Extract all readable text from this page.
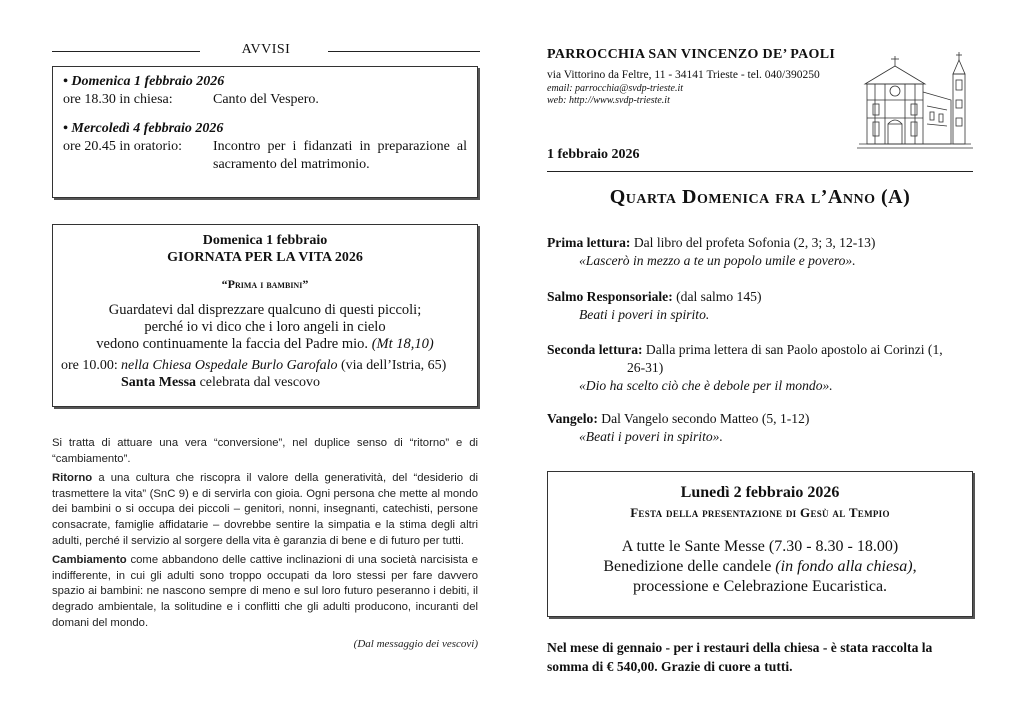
AVVISI
• Domenica 1 febbraio 2026
ore 18.30 in chiesa:	Canto del Vespero.
• Mercoledì 4 febbraio 2026
ore 20.45 in oratorio:	Incontro per i fidanzati in preparazione al sacramento del matrimonio.
Domenica 1 febbraio
GIORNATA PER LA VITA 2026
“Prima i bambini”
Guardatevi dal disprezzare qualcuno di questi piccoli;
perché io vi dico che i loro angeli in cielo
vedono continuamente la faccia del Padre mio. (Mt 18,10)
ore 10.00: nella Chiesa Ospedale Burlo Garofalo (via dell’Istria, 65)
Santa Messa celebrata dal vescovo

Si tratta di attuare una vera “conversione”, nel duplice senso di “ritorno” e di “cambiamento”.

Ritorno a una cultura che riscopra il valore della generatività, del “desiderio di trasmettere la vita” (SnC 9) e di servirla con gioia. Ogni persona che mette al mondo dei bambini o si occupa dei piccoli – genitori, nonni, insegnanti, catechisti, persone consacrate, famiglie affidatarie – dovrebbe sentire la simpatia e la stima degli altri adulti, perché il servizio al sorgere della vita è garanzia di bene e di futuro per tutti.

Cambiamento come abbandono delle cattive inclinazioni di una società narcisista e indifferente, in cui gli adulti sono troppo occupati da loro stessi per fare davvero spazio ai bambini: ne nascono sempre di meno e sul loro futuro peseranno i debiti, il degrado ambientale, la solitudine e i conflitti che gli adulti producono, incuranti del domani del mondo.

(Dal messaggio dei vescovi)
PARROCCHIA SAN VINCENZO DE’ PAOLI
via Vittorino da Feltre, 11 - 34141 Trieste - tel. 040/390250
email: parrocchia@svdp-trieste.it
web: http://www.svdp-trieste.it
1 febbraio 2026
Quarta Domenica fra l’Anno (A)
Prima lettura: Dal libro del profeta Sofonia (2, 3; 3, 12-13)
«Lascerò in mezzo a te un popolo umile e povero».
Salmo Responsoriale: (dal salmo 145)
Beati i poveri in spirito.
Seconda lettura: Dalla prima lettera di san Paolo apostolo ai Corinzi (1,
26-31)
«Dio ha scelto ciò che è debole per il mondo».
Vangelo: Dal Vangelo secondo Matteo (5, 1-12)
«Beati i poveri in spirito».
Lunedì 2 febbraio 2026
Festa della presentazione di Gesù al Tempio
A tutte le Sante Messe (7.30 - 8.30 - 18.00)
Benedizione delle candele (in fondo alla chiesa),
processione e Celebrazione Eucaristica.
Nel mese di gennaio - per i restauri della chiesa - è stata raccolta la somma di € 540,00. Grazie di cuore a tutti.
